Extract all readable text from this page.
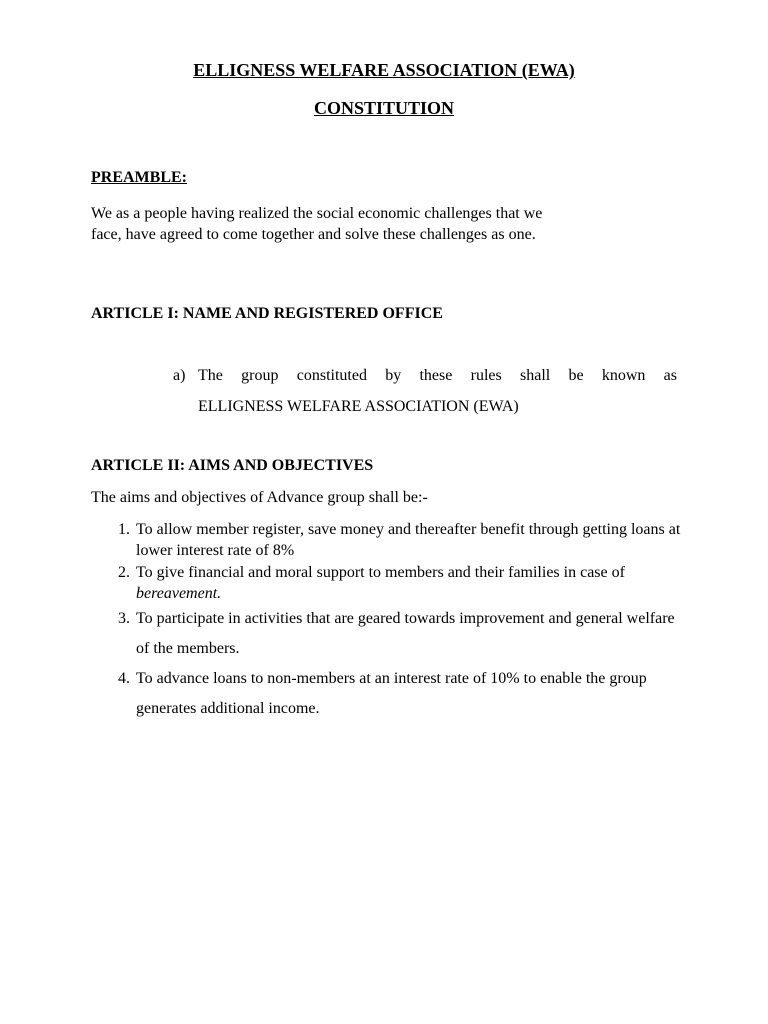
ELLIGNESS WELFARE ASSOCIATION (EWA)
CONSTITUTION
PREAMBLE:

We as a people having realized the social economic challenges that we face, have agreed to come together and solve these challenges as one.

ARTICLE I: NAME AND REGISTERED OFFICE
a) The group constituted by these rules shall be known as
ELLIGNESS WELFARE ASSOCIATION (EWA)
ARTICLE II: AIMS AND OBJECTIVES

The aims and objectives of Advance group shall be:-

1. To allow member register, save money and thereafter benefit through getting loans at lower interest rate of 8%
2. To give financial and moral support to members and their families in case of bereavement.
3. To participate in activities that are geared towards improvement and general welfare of the members.
4. To advance loans to non-members at an interest rate of 10% to enable the group generates additional income.
